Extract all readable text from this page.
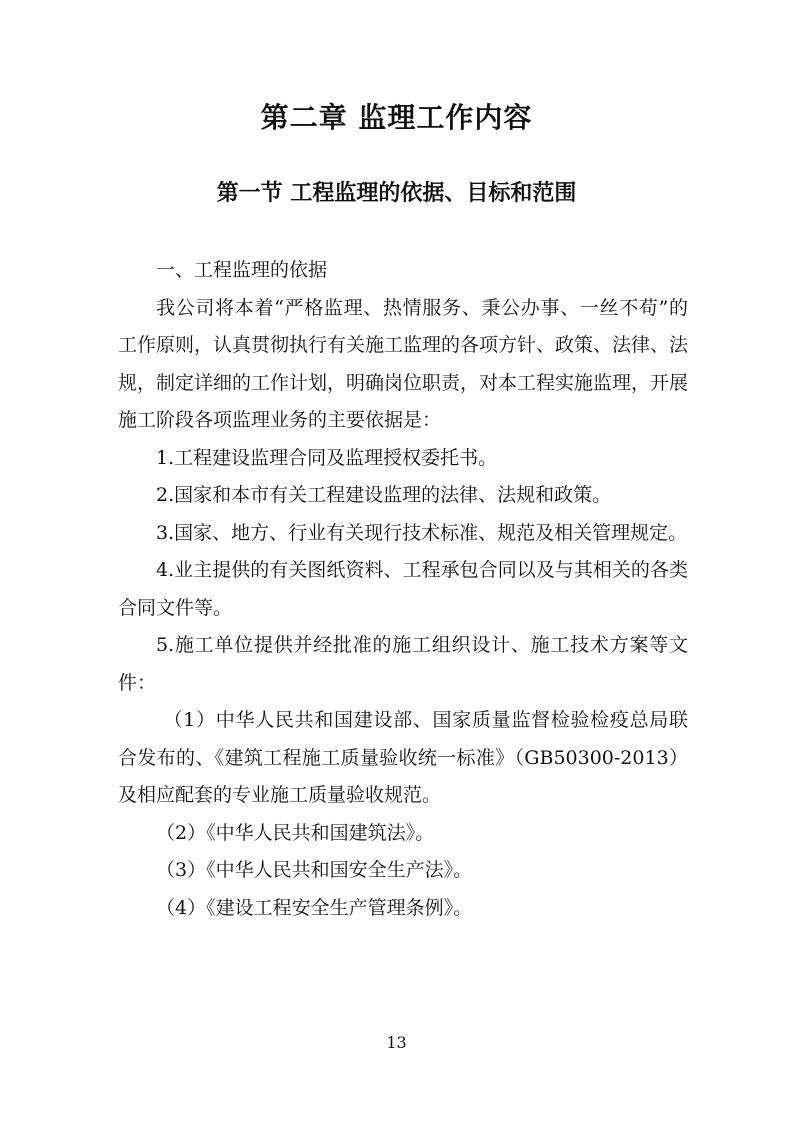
第二章 监理工作内容
第一节 工程监理的依据、目标和范围

一、工程监理的依据

我公司将本着“严格监理、热情服务、秉公办事、一丝不苟”的工作原则，认真贯彻执行有关施工监理的各项方针、政策、法律、法规，制定详细的工作计划，明确岗位职责，对本工程实施监理，开展施工阶段各项监理业务的主要依据是：

1.工程建设监理合同及监理授权委托书。

2.国家和本市有关工程建设监理的法律、法规和政策。

3.国家、地方、行业有关现行技术标准、规范及相关管理规定。

4.业主提供的有关图纸资料、工程承包合同以及与其相关的各类合同文件等。

5.施工单位提供并经批准的施工组织设计、施工技术方案等文件：

（1）中华人民共和国建设部、国家质量监督检验检疫总局联合发布的、《建筑工程施工质量验收统一标准》（GB50300-2013）及相应配套的专业施工质量验收规范。

（2）《中华人民共和国建筑法》。

（3）《中华人民共和国安全生产法》。

（4）《建设工程安全生产管理条例》。

13
